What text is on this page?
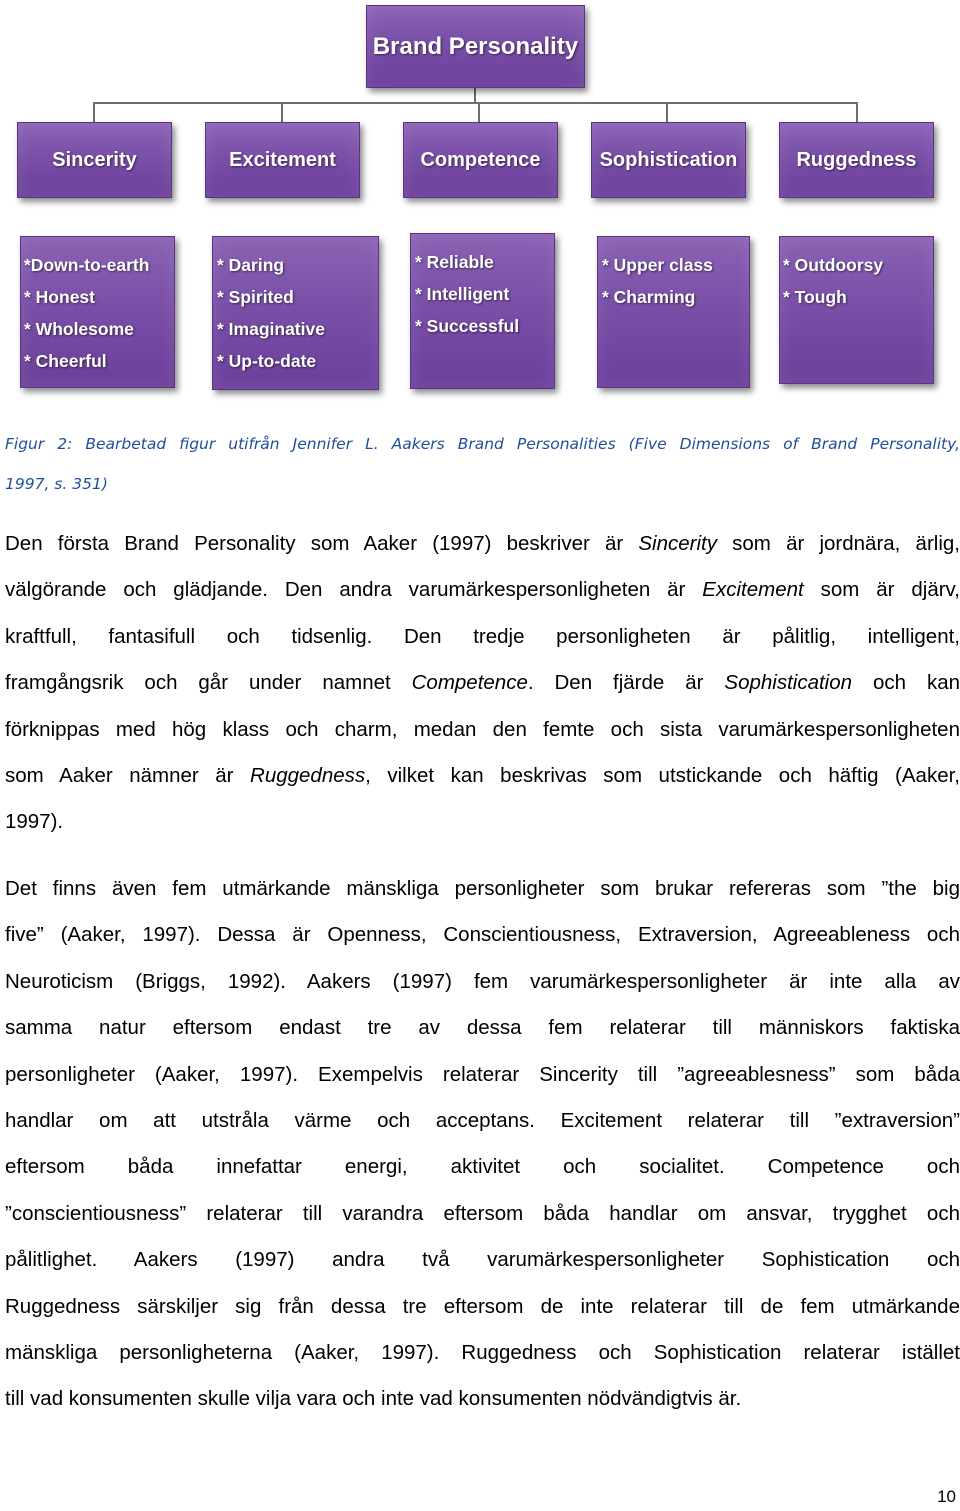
Brand Personality
Sincerity	Excitement	Competence	Sophistication	Ruggedness
*Down-to-earth
* Honest
* Wholesome
* Cheerful
* Daring
* Spirited
* Imaginative
* Up-to-date
* Reliable
* Intelligent
* Successful
* Upper class
* Charming
* Outdoorsy
* Tough
Figur 2: Bearbetad figur utifrån Jennifer L. Aakers Brand Personalities (Five Dimensions of Brand Personality,
1997, s. 351)
Den första Brand Personality som Aaker (1997) beskriver är Sincerity som är jordnära, ärlig,
välgörande och glädjande. Den andra varumärkespersonligheten är Excitement som är djärv,
kraftfull, fantasifull och tidsenlig. Den tredje personligheten är pålitlig, intelligent,
framgångsrik och går under namnet Competence. Den fjärde är Sophistication och kan
förknippas med hög klass och charm, medan den femte och sista varumärkespersonligheten
som Aaker nämner är Ruggedness, vilket kan beskrivas som utstickande och häftig (Aaker,
1997).
Det finns även fem utmärkande mänskliga personligheter som brukar refereras som ”the big
five” (Aaker, 1997). Dessa är Openness, Conscientiousness, Extraversion, Agreeableness och
Neuroticism (Briggs, 1992). Aakers (1997) fem varumärkespersonligheter är inte alla av
samma natur eftersom endast tre av dessa fem relaterar till människors faktiska
personligheter (Aaker, 1997). Exempelvis relaterar Sincerity till ”agreeablesness” som båda
handlar om att utstråla värme och acceptans. Excitement relaterar till ”extraversion”
eftersom båda innefattar energi, aktivitet och socialitet. Competence och
”conscientiousness” relaterar till varandra eftersom båda handlar om ansvar, trygghet och
pålitlighet. Aakers (1997) andra två varumärkespersonligheter Sophistication och
Ruggedness särskiljer sig från dessa tre eftersom de inte relaterar till de fem utmärkande
mänskliga personligheterna (Aaker, 1997). Ruggedness och Sophistication relaterar istället
till vad konsumenten skulle vilja vara och inte vad konsumenten nödvändigtvis är.
10
